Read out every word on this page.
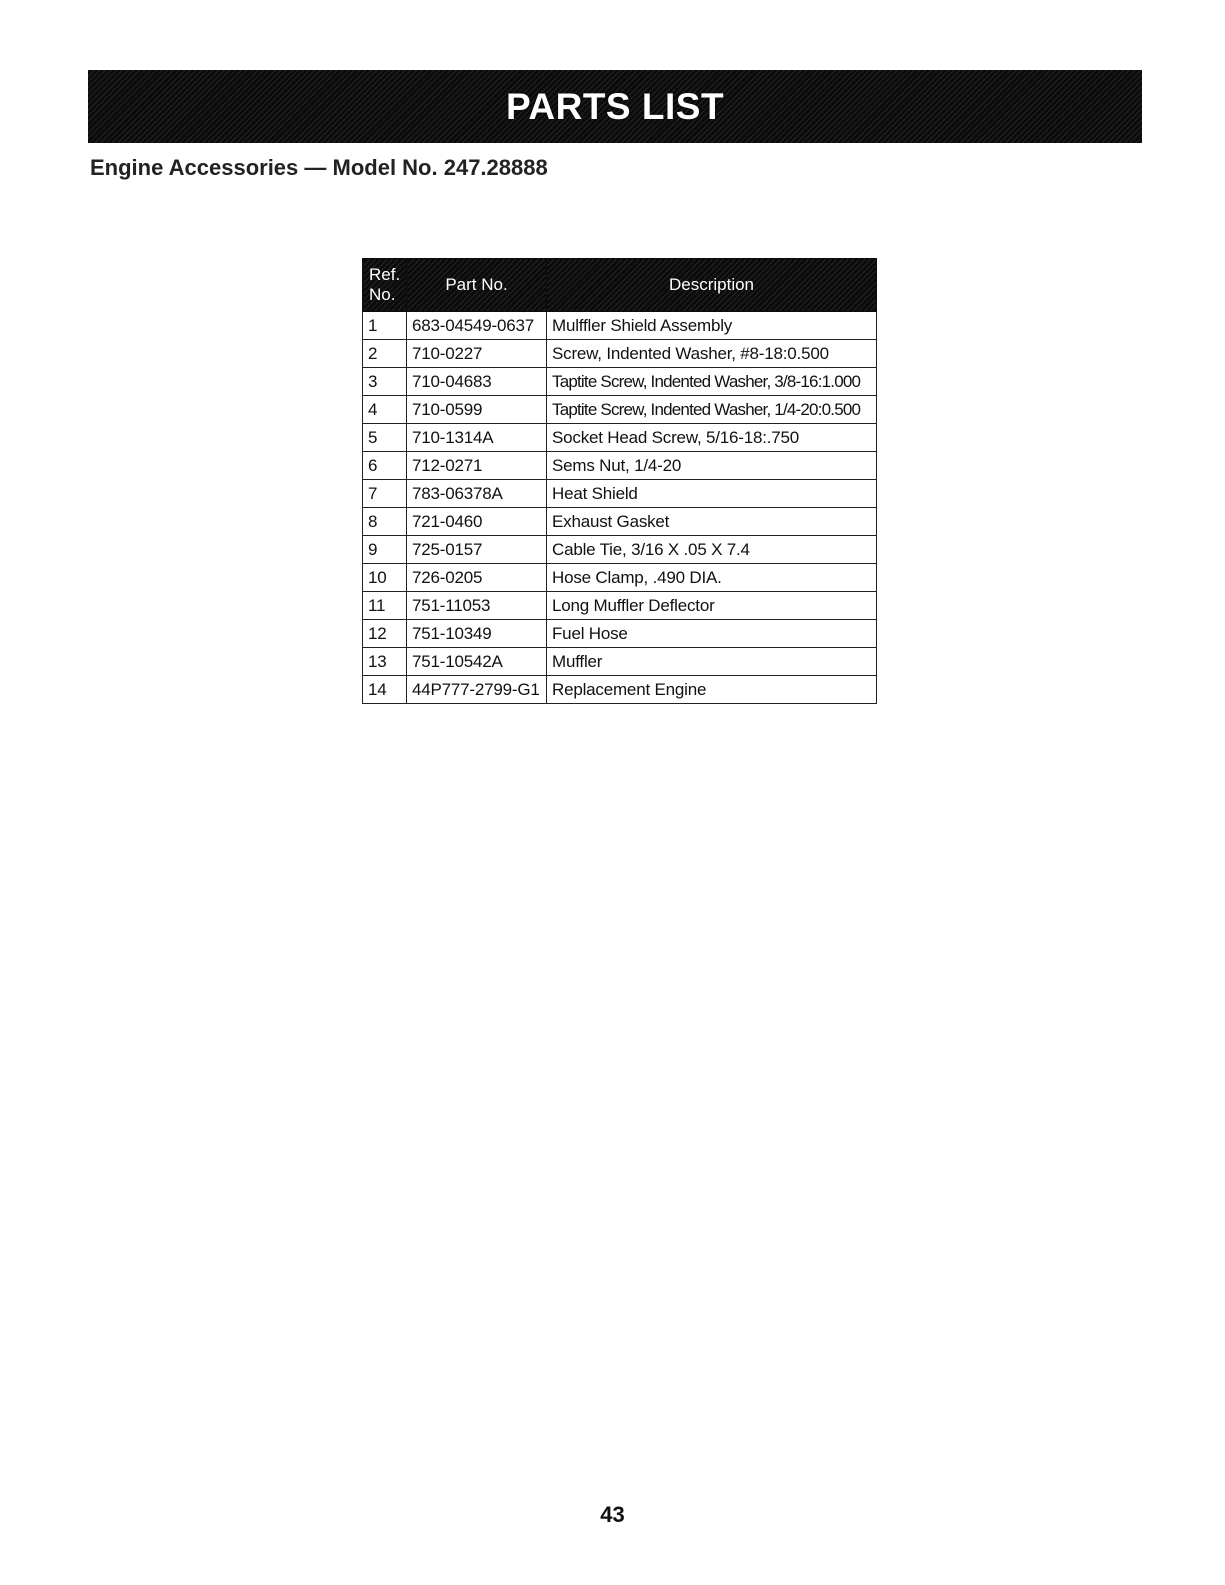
PARTS LIST
Engine Accessories — Model No. 247.28888
Ref.
No.	Part No.	Description
1	683-04549-0637	Mulffler Shield Assembly
2	710-0227	Screw, Indented Washer, #8-18:0.500
3	710-04683	Taptite Screw, Indented Washer, 3/8-16:1.000
4	710-0599	Taptite Screw, Indented Washer, 1/4-20:0.500
5	710-1314A	Socket Head Screw, 5/16-18:.750
6	712-0271	Sems Nut, 1/4-20
7	783-06378A	Heat Shield
8	721-0460	Exhaust Gasket
9	725-0157	Cable Tie, 3/16 X .05 X 7.4
10	726-0205	Hose Clamp, .490 DIA.
11	751-11053	Long Muffler Deflector
12	751-10349	Fuel Hose
13	751-10542A	Muffler
14	44P777-2799-G1	Replacement Engine
43
